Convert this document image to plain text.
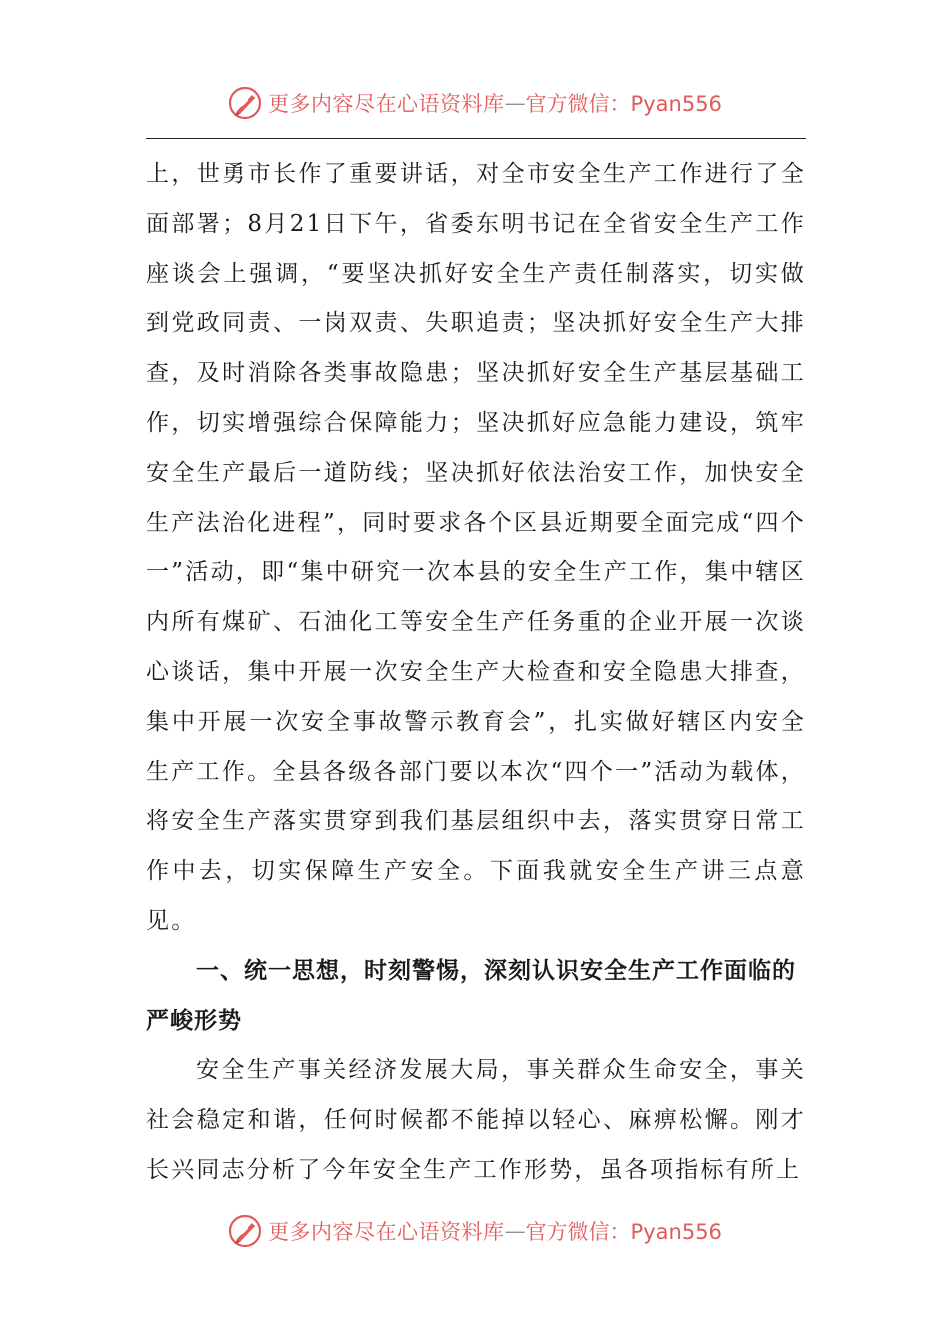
更多内容尽在心语资料库 — 官方微信：Pyan556

上，世勇市长作了重要讲话，对全市安全生产工作进行了全面部署；8月21日下午，省委东明书记在全省安全生产工作座谈会上强调，“要坚决抓好安全生产责任制落实，切实做到党政同责、一岗双责、失职追责；坚决抓好安全生产大排查，及时消除各类事故隐患；坚决抓好安全生产基层基础工作，切实增强综合保障能力；坚决抓好应急能力建设，筑牢安全生产最后一道防线；坚决抓好依法治安工作，加快安全生产法治化进程”，同时要求各个区县近期要全面完成“四个一”活动，即“集中研究一次本县的安全生产工作，集中辖区内所有煤矿、石油化工等安全生产任务重的企业开展一次谈心谈话，集中开展一次安全生产大检查和安全隐患大排查，集中开展一次安全事故警示教育会”，扎实做好辖区内安全生产工作。全县各级各部门要以本次“四个一”活动为载体，将安全生产落实贯穿到我们基层组织中去，落实贯穿日常工作中去，切实保障生产安全。下面我就安全生产讲三点意见。

一、统一思想，时刻警惕，深刻认识安全生产工作面临的严峻形势

安全生产事关经济发展大局，事关群众生命安全，事关社会稳定和谐，任何时候都不能掉以轻心、麻痹松懈。刚才长兴同志分析了今年安全生产工作形势，虽各项指标有所上

更多内容尽在心语资料库 — 官方微信：Pyan556
